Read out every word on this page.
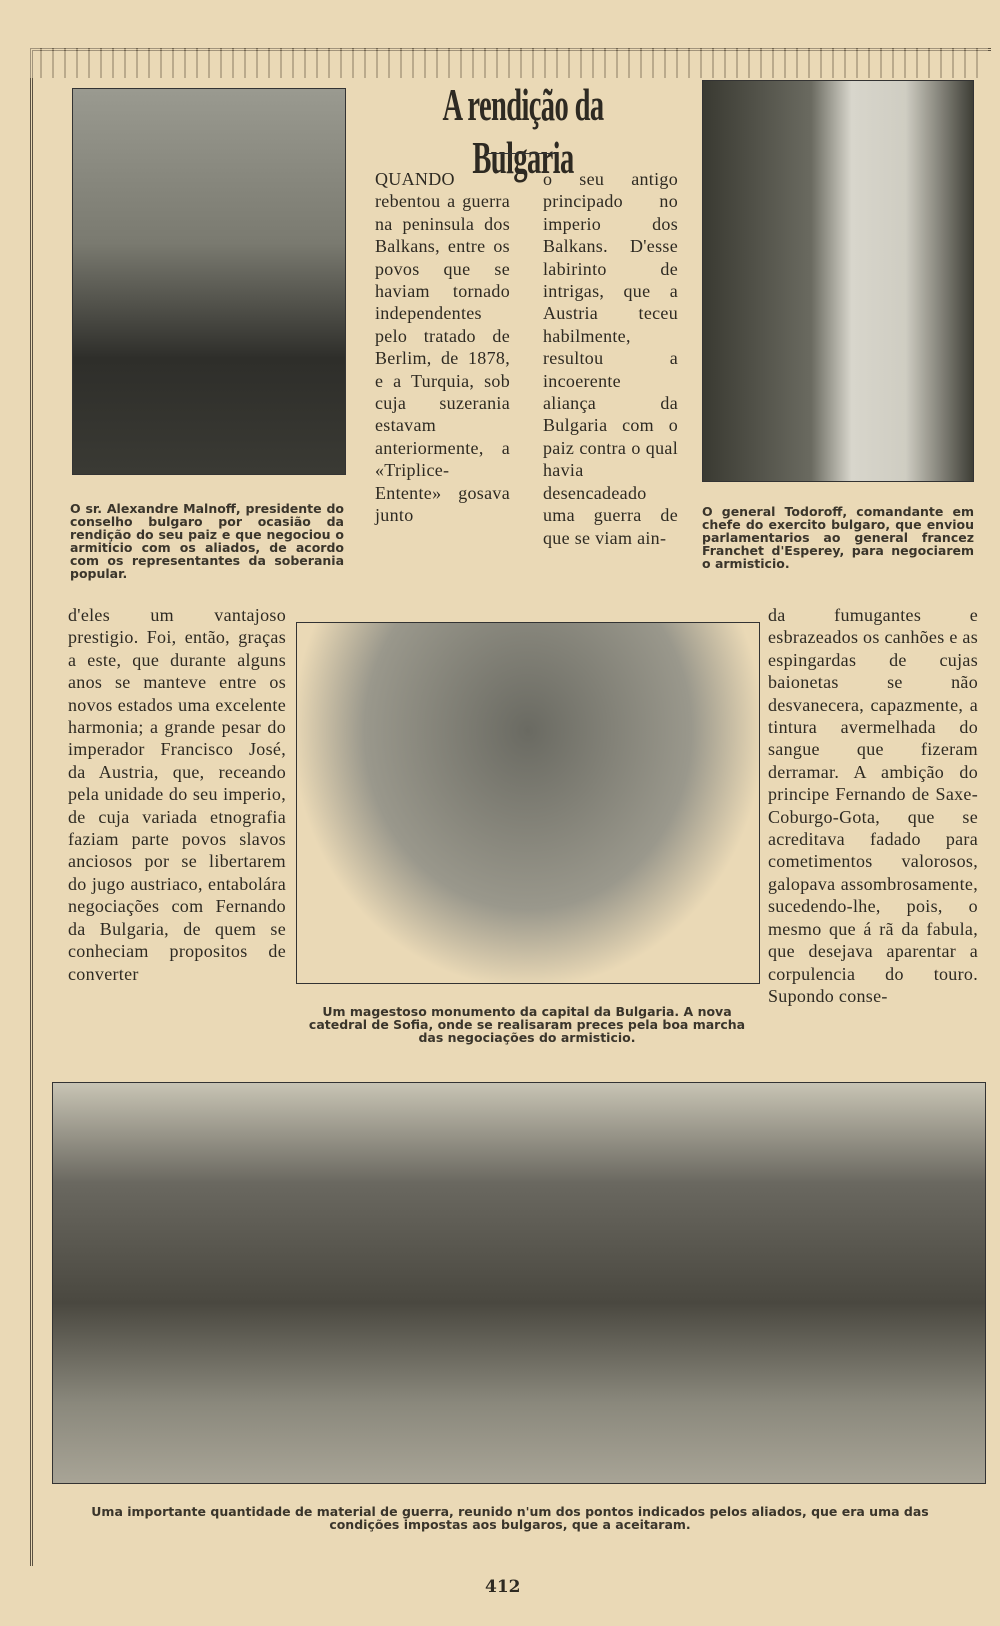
O sr. Alexandre Malnoff, presidente do conselho bulgaro por ocasião da rendição do seu paiz e que negociou o armiticio com os aliados, de acordo com os representantes da soberania popular.
A rendição da Bulgaria
QUANDO rebentou a guerra na peninsula dos Balkans, entre os povos que se haviam tornado independentes pelo tratado de Berlim, de 1878, e a Turquia, sob cuja suzerania estavam anteriormente, a «Triplice-Entente» gosava junto
o seu antigo principado no imperio dos Balkans. D'esse labirinto de intrigas, que a Austria teceu habilmente, resultou a incoerente aliança da Bulgaria com o paiz contra o qual havia desencadeado uma guerra de que se viam ain-
O general Todoroff, comandante em chefe do exercito bulgaro, que enviou parlamentarios ao general francez Franchet d'Esperey, para negociarem o armisticio.
d'eles um vantajoso prestigio. Foi, então, graças a este, que durante alguns anos se manteve entre os novos estados uma excelente harmonia; a grande pesar do imperador Francisco José, da Austria, que, receando pela unidade do seu imperio, de cuja variada etnografia faziam parte povos slavos anciosos por se libertarem do jugo austriaco, entabolára negociações com Fernando da Bulgaria, de quem se conheciam propositos de converter
Um magestoso monumento da capital da Bulgaria. A nova catedral de Sofia, onde se realisaram preces pela boa marcha das negociações do armisticio.
da fumugantes e esbrazeados os canhões e as espingardas de cujas baionetas se não desvanecera, capazmente, a tintura avermelhada do sangue que fizeram derramar. A ambição do principe Fernando de Saxe-Coburgo-Gota, que se acreditava fadado para cometimentos valorosos, galopava assombrosamente, sucedendo-lhe, pois, o mesmo que á rã da fabula, que desejava aparentar a corpulencia do touro. Supondo conse-
Uma importante quantidade de material de guerra, reunido n'um dos pontos indicados pelos aliados, que era uma das condições impostas aos bulgaros, que a aceitaram.
412
